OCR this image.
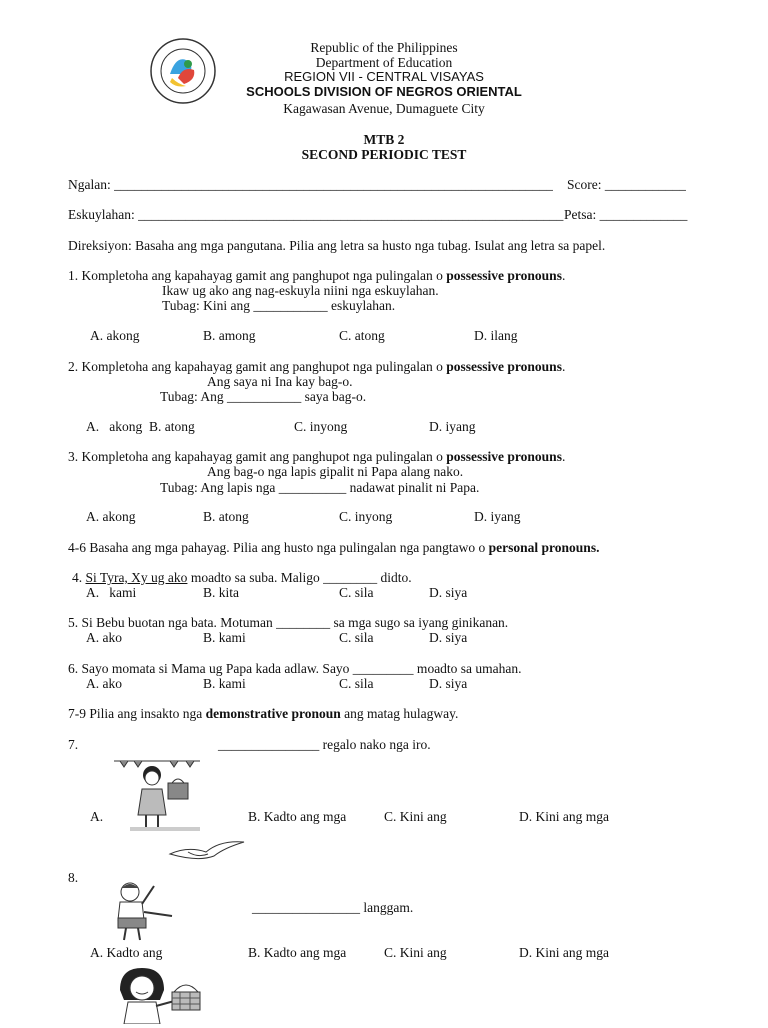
Republic of the Philippines
Department of Education
REGION VII - CENTRAL VISAYAS
SCHOOLS DIVISION OF NEGROS ORIENTAL
Kagawasan Avenue, Dumaguete City
MTB 2
SECOND PERIODIC TEST
Ngalan: _________________________________________________________________ Score: ____________
Eskuylahan: _______________________________________________________________ Petsa: _____________
Direksiyon: Basaha ang mga pangutana. Pilia ang letra sa husto nga tubag. Isulat ang letra sa papel.
1. Kompletoha ang kapahayag gamit ang panghupot nga pulingalan o possessive pronouns.
Ikaw ug ako ang nag-eskuyla niini nga eskuylahan.
Tubag: Kini ang ___________ eskuylahan.
A. akong	B. among	C. atong	D. ilang
2. Kompletoha ang kapahayag gamit ang panghupot nga pulingalan o possessive pronouns.
Ang saya ni Ina kay bag-o.
Tubag: Ang ___________ saya bag-o.
A.   akong  B. atong	C. inyong	D. iyang
3. Kompletoha ang kapahayag gamit ang panghupot nga pulingalan o possessive pronouns.
Ang bag-o nga lapis gipalit ni Papa alang nako.
Tubag: Ang lapis nga __________ nadawat pinalit ni Papa.
A. akong	B. atong	C. inyong	D. iyang
4-6 Basaha ang mga pahayag. Pilia ang husto nga pulingalan nga pangtawo o personal pronouns.
4. Si Tyra, Xy ug ako moadto sa suba. Maligo ________ didto.
A.   kami	B. kita	C. sila	D. siya
5. Si Bebu buotan nga bata. Motuman ________ sa mga sugo sa iyang ginikanan.
A. ako	B. kami	C. sila	D. siya
6. Sayo momata si Mama ug Papa kada adlaw. Sayo _________ moadto sa umahan.
A. ako	B. kami	C. sila	D. siya
7-9 Pilia ang insakto nga demonstrative pronoun ang matag hulagway.
7.	_______________ regalo nako nga iro.
A.	B. Kadto ang mga	C. Kini ang	D. Kini ang mga
8.
________________ langgam.
A. Kadto ang	B. Kadto ang mga	C. Kini ang	D. Kini ang mga
